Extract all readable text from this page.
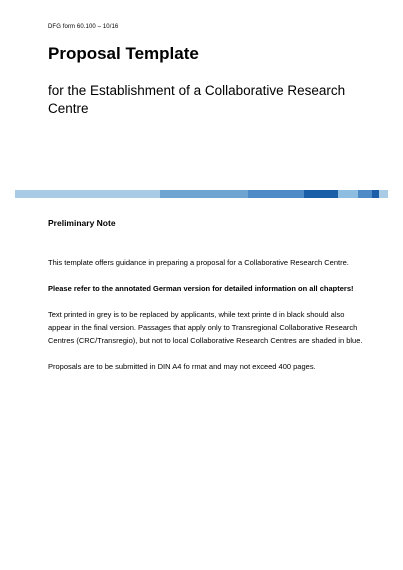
DFG form 60.100 – 10/16
Proposal Template
for the Establishment of a Collaborative Research Centre
Preliminary Note

This template offers guidance in preparing a proposal for a Collaborative Research Centre.

Please refer to the annotated German version for detailed information on all chapters!

Text printed in grey is to be replaced by applicants, while text printe d in black should also appear in the final version. Passages that apply only to Transregional Collaborative Research Centres (CRC/Transregio), but not to local Collaborative Research Centres are shaded in blue.

Proposals are to be submitted in DIN A4 fo rmat and may not exceed 400 pages.
